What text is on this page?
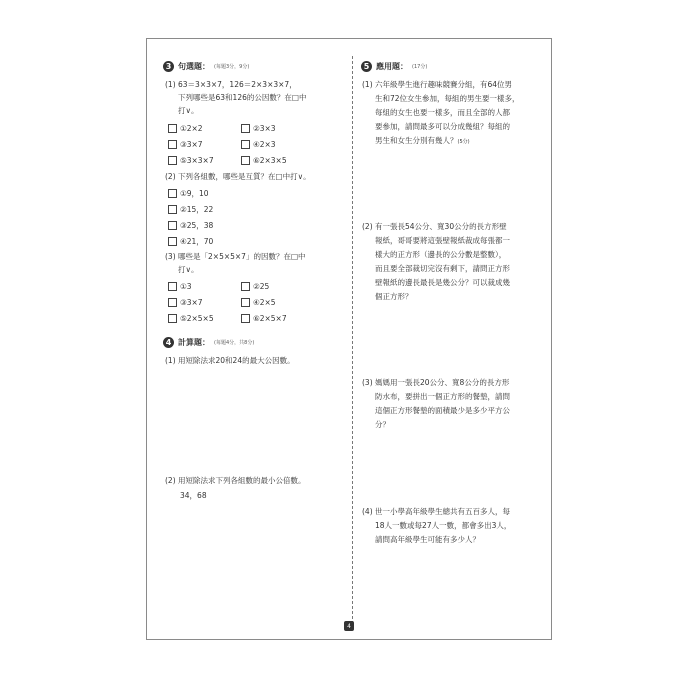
3 句選題： (每題3分，9分)
(1) 63＝3×3×7，126＝2×3×3×7，
下列哪些是63和126的公因數？在□中
打∨。
①2×2	②3×3
③3×7	④2×3
⑤3×3×7	⑥2×3×5
(2) 下列各組數，哪些是互質？在□中打∨。
①9，10
②15，22
③25，38
④21，70
(3) 哪些是「2×5×5×7」的因數？在□中
打∨。
①3	②25
③3×7	④2×5
⑤2×5×5	⑥2×5×7
4 計算題： (每題4分，共8分)
(1) 用短除法求20和24的最大公因數。
(2) 用短除法求下列各組數的最小公倍數。
34，68
5 應用題： (17分)
(1) 六年級學生進行趣味競賽分組，有64位男
生和72位女生參加，每組的男生要一樣多，
每組的女生也要一樣多，而且全部的人都
要參加，請問最多可以分成幾組？每組的
男生和女生分別有幾人？(5分)
(2) 有一張長54公分、寬30公分的長方形壁
報紙，哥哥要將這張壁報紙裁成每張都一
樣大的正方形（邊長的公分數是整數），
而且要全部裁切完沒有剩下，請問正方形
壁報紙的邊長最長是幾公分？可以裁成幾
個正方形？
(3) 媽媽用一張長20公分、寬8公分的長方形
防水布，要拼出一個正方形的餐墊，請問
這個正方形餐墊的面積最少是多少平方公
分？
(4) 世一小學高年級學生總共有五百多人，每
18人一數或每27人一數，都會多出3人，
請問高年級學生可能有多少人？
4
